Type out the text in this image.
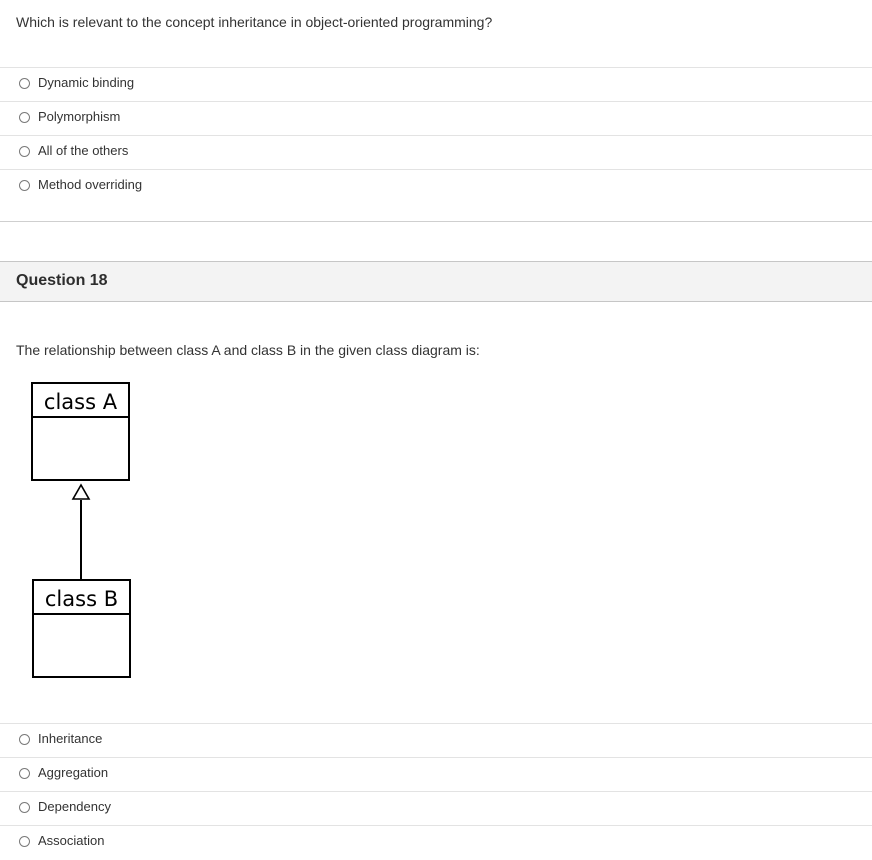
Which is relevant to the concept inheritance in object-oriented programming?
Dynamic binding
Polymorphism
All of the others
Method overriding
Question 18
The relationship between class A and class B in the given class diagram is:
class A
class B
Inheritance
Aggregation
Dependency
Association
